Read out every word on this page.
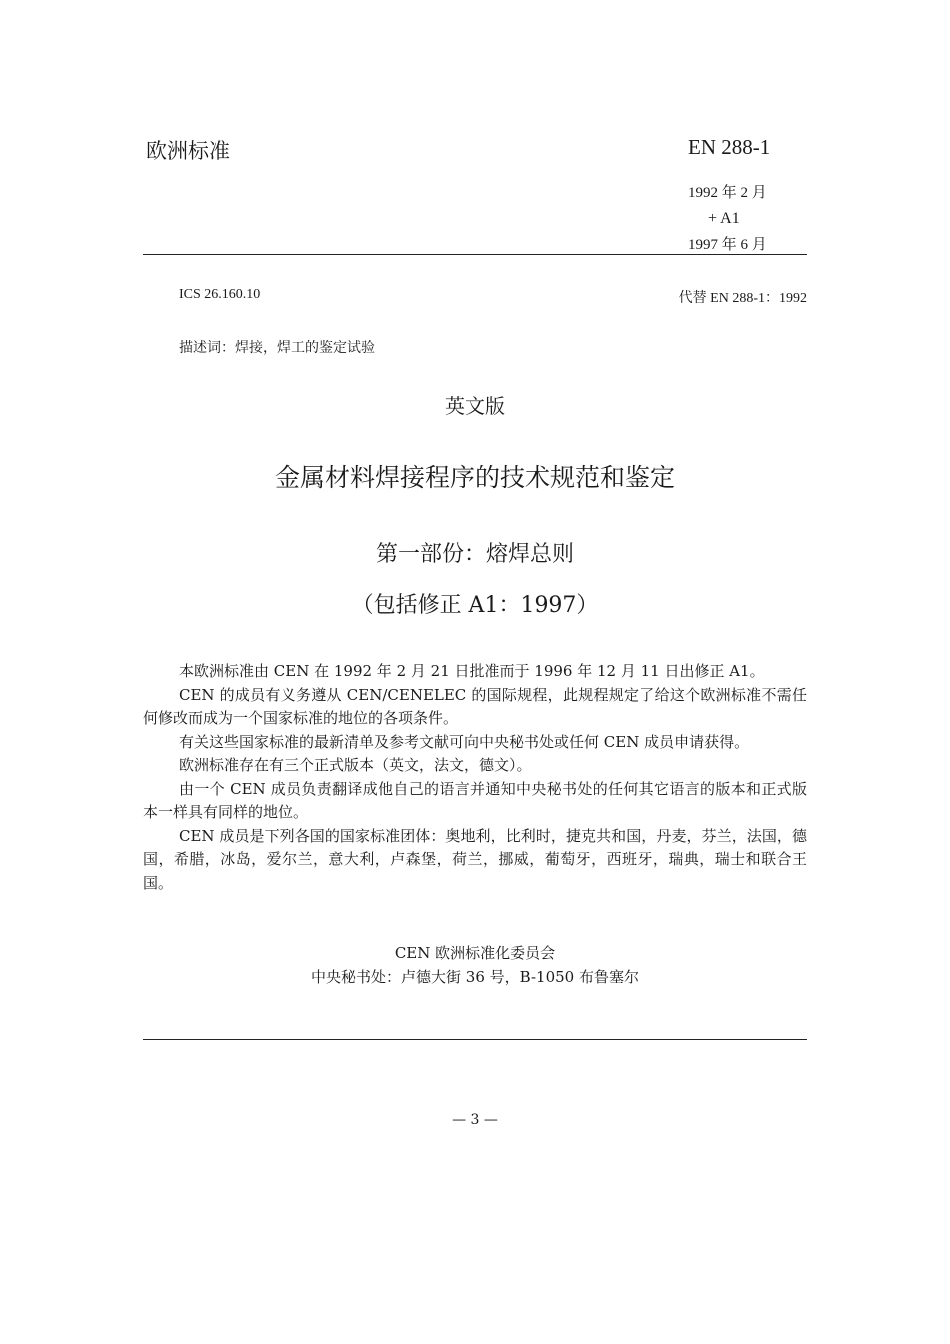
欧洲标准	EN 288-1
1992 年 2 月
+ A1
1997 年 6 月
ICS 26.160.10	代替 EN 288-1：1992
描述词：焊接，焊工的鉴定试验
英文版
金属材料焊接程序的技术规范和鉴定
第一部份：熔焊总则
（包括修正 A1：1997）

本欧洲标准由 CEN 在 1992 年 2 月 21 日批准而于 1996 年 12 月 11 日出修正 A1。

CEN 的成员有义务遵从 CEN/CENELEC 的国际规程，此规程规定了给这个欧洲标准不需任何修改而成为一个国家标准的地位的各项条件。

有关这些国家标准的最新清单及参考文献可向中央秘书处或任何 CEN 成员申请获得。

欧洲标准存在有三个正式版本（英文，法文，德文）。

由一个 CEN 成员负责翻译成他自己的语言并通知中央秘书处的任何其它语言的版本和正式版本一样具有同样的地位。

CEN 成员是下列各国的国家标准团体：奥地利，比利时，捷克共和国，丹麦，芬兰，法国，德国，希腊，冰岛，爱尔兰，意大利，卢森堡，荷兰，挪威，葡萄牙，西班牙，瑞典，瑞士和联合王国。

CEN 欧洲标准化委员会
中央秘书处：卢德大街 36 号，B-1050 布鲁塞尔
— 3 —
